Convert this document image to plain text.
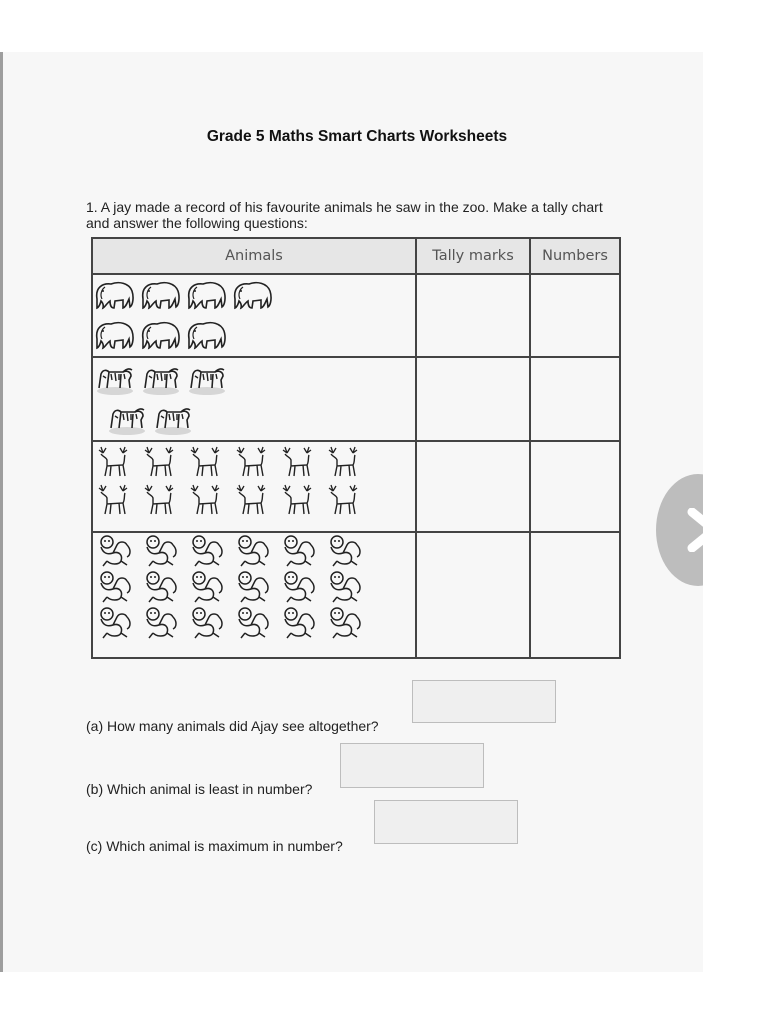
Grade 5 Maths Smart Charts Worksheets
1. A jay made a record of his favourite animals he saw in the zoo. Make a tally chart and answer the following questions:
Animals	Tally marks	Numbers

(a) How many animals did Ajay see altogether?
(b) Which animal is least in number?
(c) Which animal is maximum in number?
